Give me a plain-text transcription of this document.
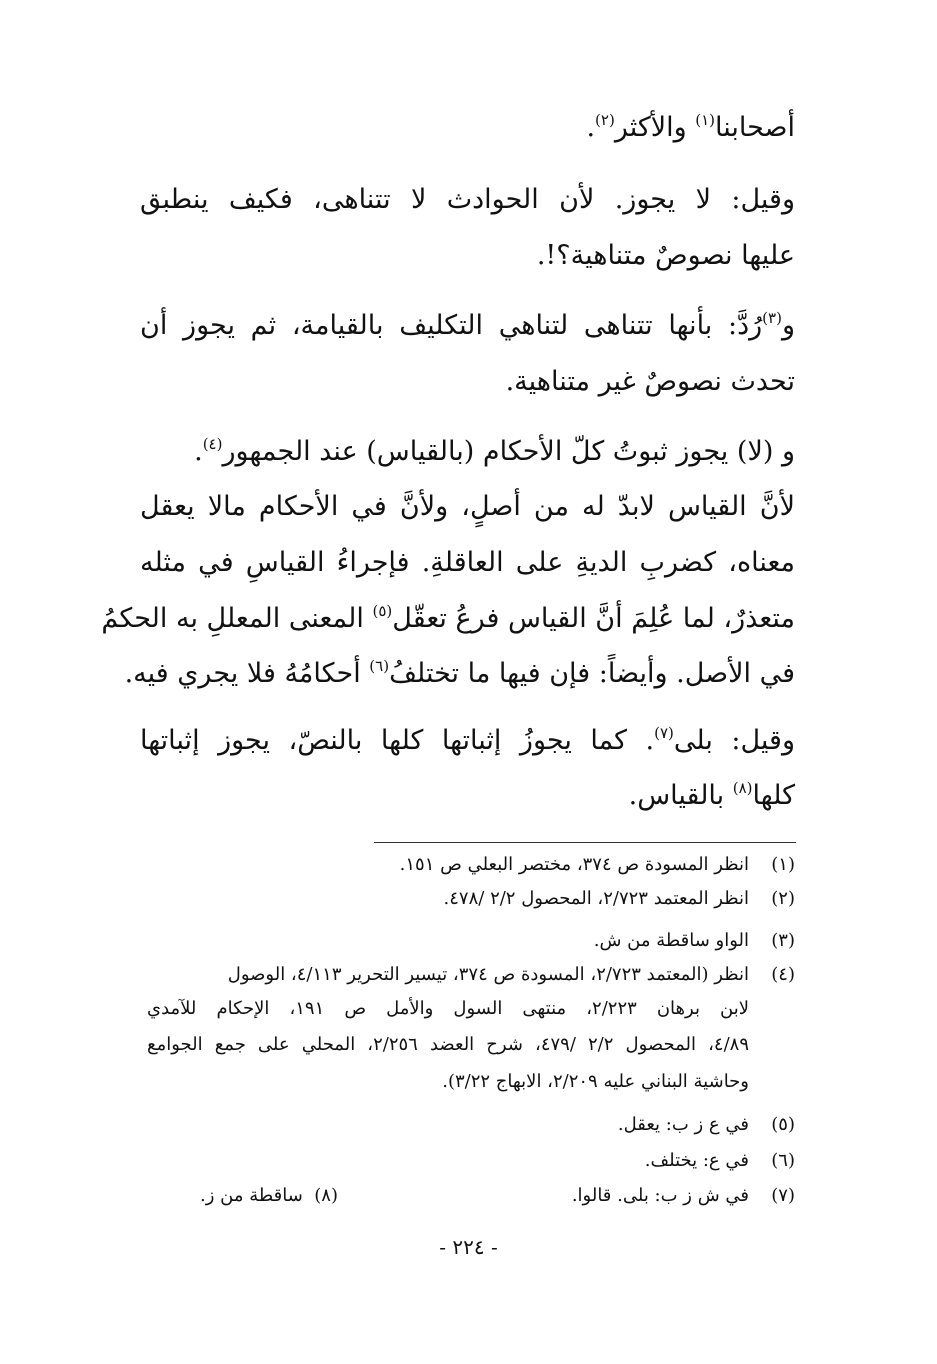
أصحابنا$^{(١)}$ والأكثر$^{(٢)}$.
وقيل: لا يجوز. لأن الحوادث لا تتناهى، فكيف ينطبق
عليها نصوصٌ متناهية؟!.
و$^{(٣)}$رُدَّ: بأنها تتناهى لتناهي التكليف بالقيامة، ثم يجوز أن
تحدث نصوصٌ غير متناهية.
و (لا) يجوز ثبوتُ كلّ الأحكام (بالقياس) عند الجمهور$^{(٤)}$.
لأنَّ القياس لابدّ له من أصلٍ، ولأنَّ في الأحكام مالا يعقل
معناه، كضربِ الديةِ على العاقلةِ. فإجراءُ القياسِ في مثله
متعذرٌ، لما عُلِمَ أنَّ القياس فرعُ تعقّل$^{(٥)}$ المعنى المعللِ به الحكمُ
في الأصل. وأيضاً: فإن فيها ما تختلفُ$^{(٦)}$ أحكامُهُ فلا يجري فيه.
وقيل: بلى$^{(٧)}$. كما يجوزُ إثباتها كلها بالنصّ، يجوز إثباتها
كلها$^{(٨)}$ بالقياس.
(١)
انظر المسودة ص ٣٧٤، مختصر البعلي ص ١٥١.
(٢)
انظر المعتمد ٢/٧٢٣، المحصول ٢/٢ /٤٧٨.
(٣)
الواو ساقطة من ش.
(٤)
انظر (المعتمد ٢/٧٢٣، المسودة ص ٣٧٤، تيسير التحرير ٤/١١٣، الوصول
لابن برهان ٢/٢٢٣، منتهى السول والأمل ص ١٩١، الإحكام للآمدي
٤/٨٩، المحصول ٢/٢ /٤٧٩، شرح العضد ٢/٢٥٦، المحلي على جمع الجوامع
وحاشية البناني عليه ٢/٢٠٩، الابهاج ٣/٢٢).
(٥)
في ع ز ب: يعقل.
(٦)
في ع: يختلف.
(٧)
في ش ز ب: بلى. قالوا.
(٨)  ساقطة من ز.
- ٢٢٤ -
